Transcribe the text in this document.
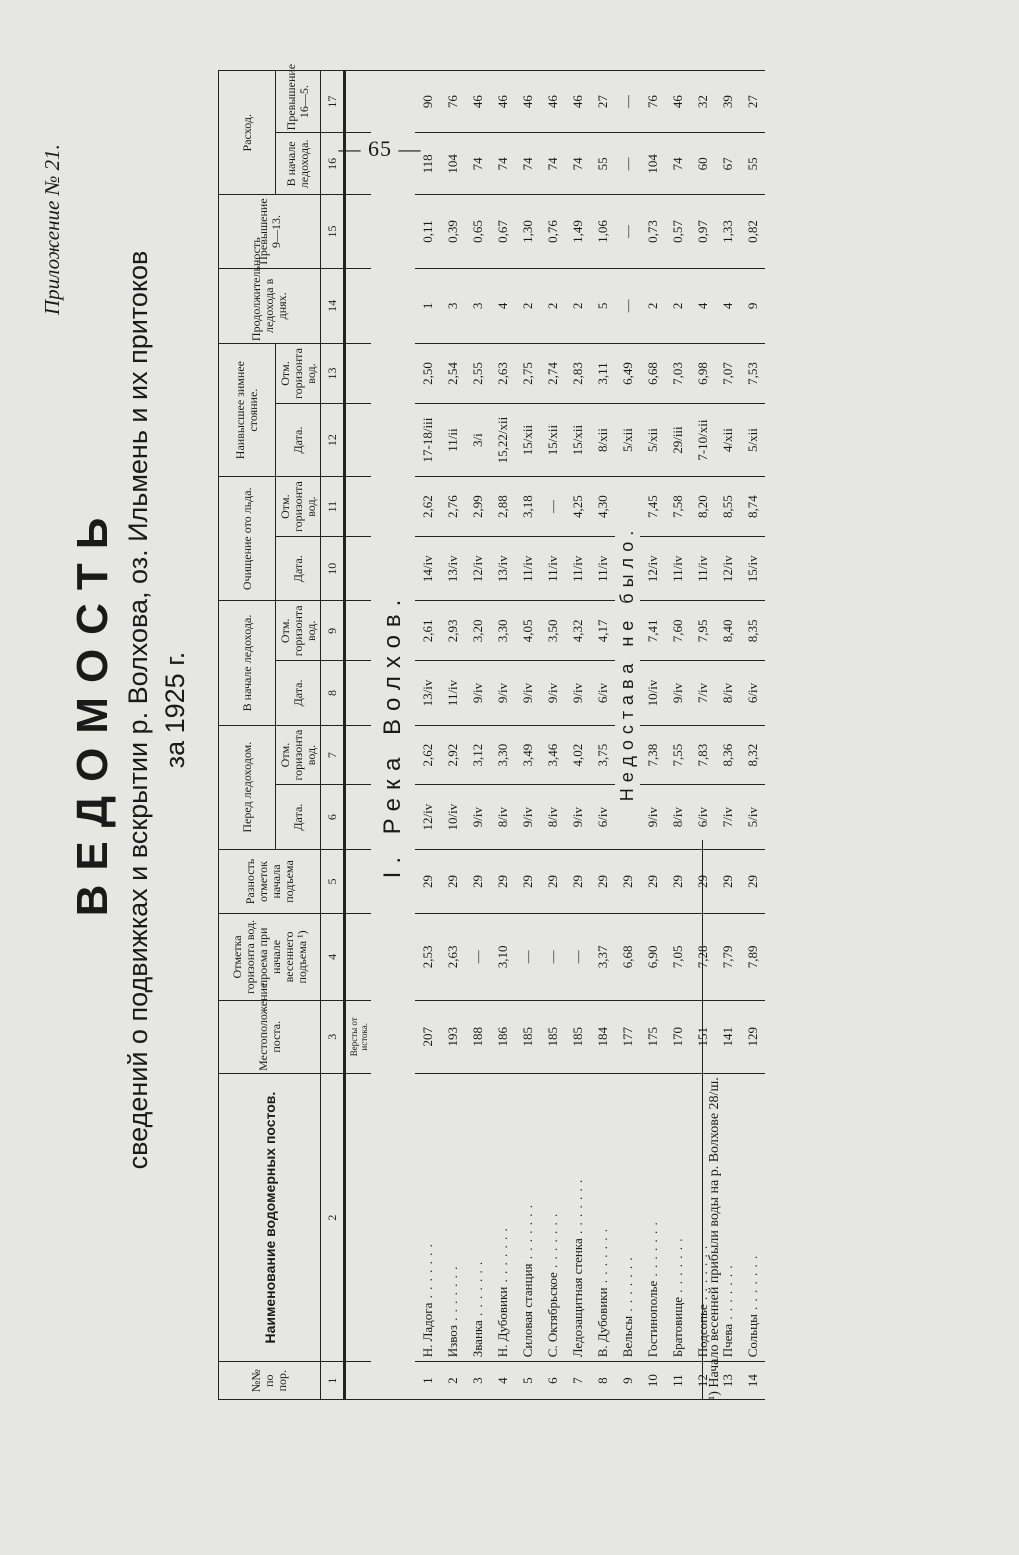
— 65 —
Приложение № 21.
ВЕДОМОСТЬ сведений о подвижках и вскрытии р. Волхова, оз. Ильмень и их притоков за 1925 г.
№№ по пор.	Наименование водомерных постов.	Местоположение поста.	Отметка горизонта вод. проема при начале весеннего подъема ¹)	Разность отметок начала подъема	Перед ледоходом.		В начале ледохода.		Очищение ото льда.		Наивысшее зимнее стояние.		Продолжительность ледохода в днях.	Превышение 9—13.	Расход.	
					Дата.	Отм. горизонта вод.	Дата.	Отм. горизонта вод.	Дата.	Отм. горизонта вод.	Дата.	Отм. горизонта вод.			В начале ледохода.	Превышение 16—5.
1	2	3	4	5	6	7	8	9	10	11	12	13	14	15	16	17
		Версты от истока.														
I. Река Волхов.																
1	Н. Ладога . . . . . . .	207	2,53	29	12/iv	2,62	13/iv	2,61	14/iv	2,62	17-18/iii	2,50	1	0,11	118	90
2	Извоз . . . . . . .	193	2,63	29	10/iv	2,92	11/iv	2,93	13/iv	2,76	11/ii	2,54	3	0,39	104	76
3	Званка . . . . . . .	188	—	29	9/iv	3,12	9/iv	3,20	12/iv	2,99	3/i	2,55	3	0,65	74	46
4	Н. Дубовики . . . . . . .	186	3,10	29	8/iv	3,30	9/iv	3,30	13/iv	2,88	15,22/xii	2,63	4	0,67	74	46
5	Силовая станция . . . . . . .	185	—	29	9/iv	3,49	9/iv	4,05	11/iv	3,18	15/xii	2,75	2	1,30	74	46
6	С. Октябрьское . . . . . . .	185	—	29	8/iv	3,46	9/iv	3,50	11/iv	—	15/xii	2,74	2	0,76	74	46
7	Ледозащитная стенка . . . . . . .	185	—	29	9/iv	4,02	9/iv	4,32	11/iv	4,25	15/xii	2,83	2	1,49	74	46
8	В. Дубовики . . . . . . .	184	3,37	29	6/iv	3,75	6/iv	4,17	11/iv	4,30	8/xii	3,11	5	1,06	55	27
9	Вельсы . . . . . . .	177	6,68	29	Недостава не было.						5/xii	6,49	—	—	—	—
10	Гостинополье . . . . . . .	175	6,90	29	9/iv	7,38	10/iv	7,41	12/iv	7,45	5/xii	6,68	2	0,73	104	76
11	Братовище . . . . . . .	170	7,05	29	8/iv	7,55	9/iv	7,60	11/iv	7,58	29/iii	7,03	2	0,57	74	46
12	Подсопье . . . . . . .	151	7,28	29	6/iv	7,83	7/iv	7,95	11/iv	8,20	7-10/xii	6,98	4	0,97	60	32
13	Пчева . . . . . . .	141	7,79	29	7/iv	8,36	8/iv	8,40	12/iv	8,55	4/xii	7,07	4	1,33	67	39
14	Сольцы . . . . . . .	129	7,89	29	5/iv	8,32	6/iv	8,35	15/iv	8,74	5/xii	7,53	9	0,82	55	27
¹) Начало весенней прибыли воды на р. Волхове 28/ш.
